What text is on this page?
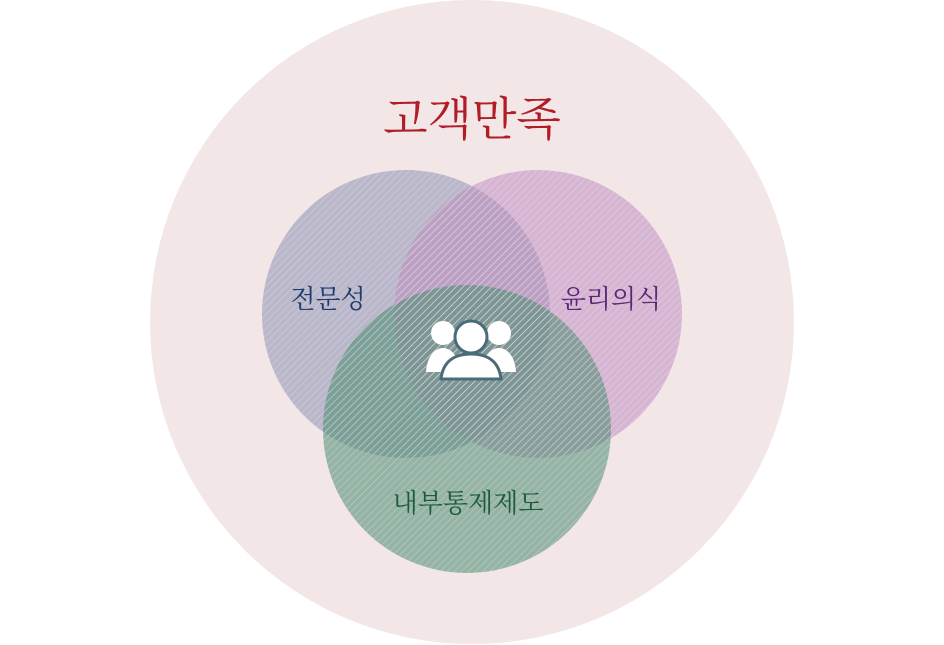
고객만족
전문성	윤리의식
내부통제제도
